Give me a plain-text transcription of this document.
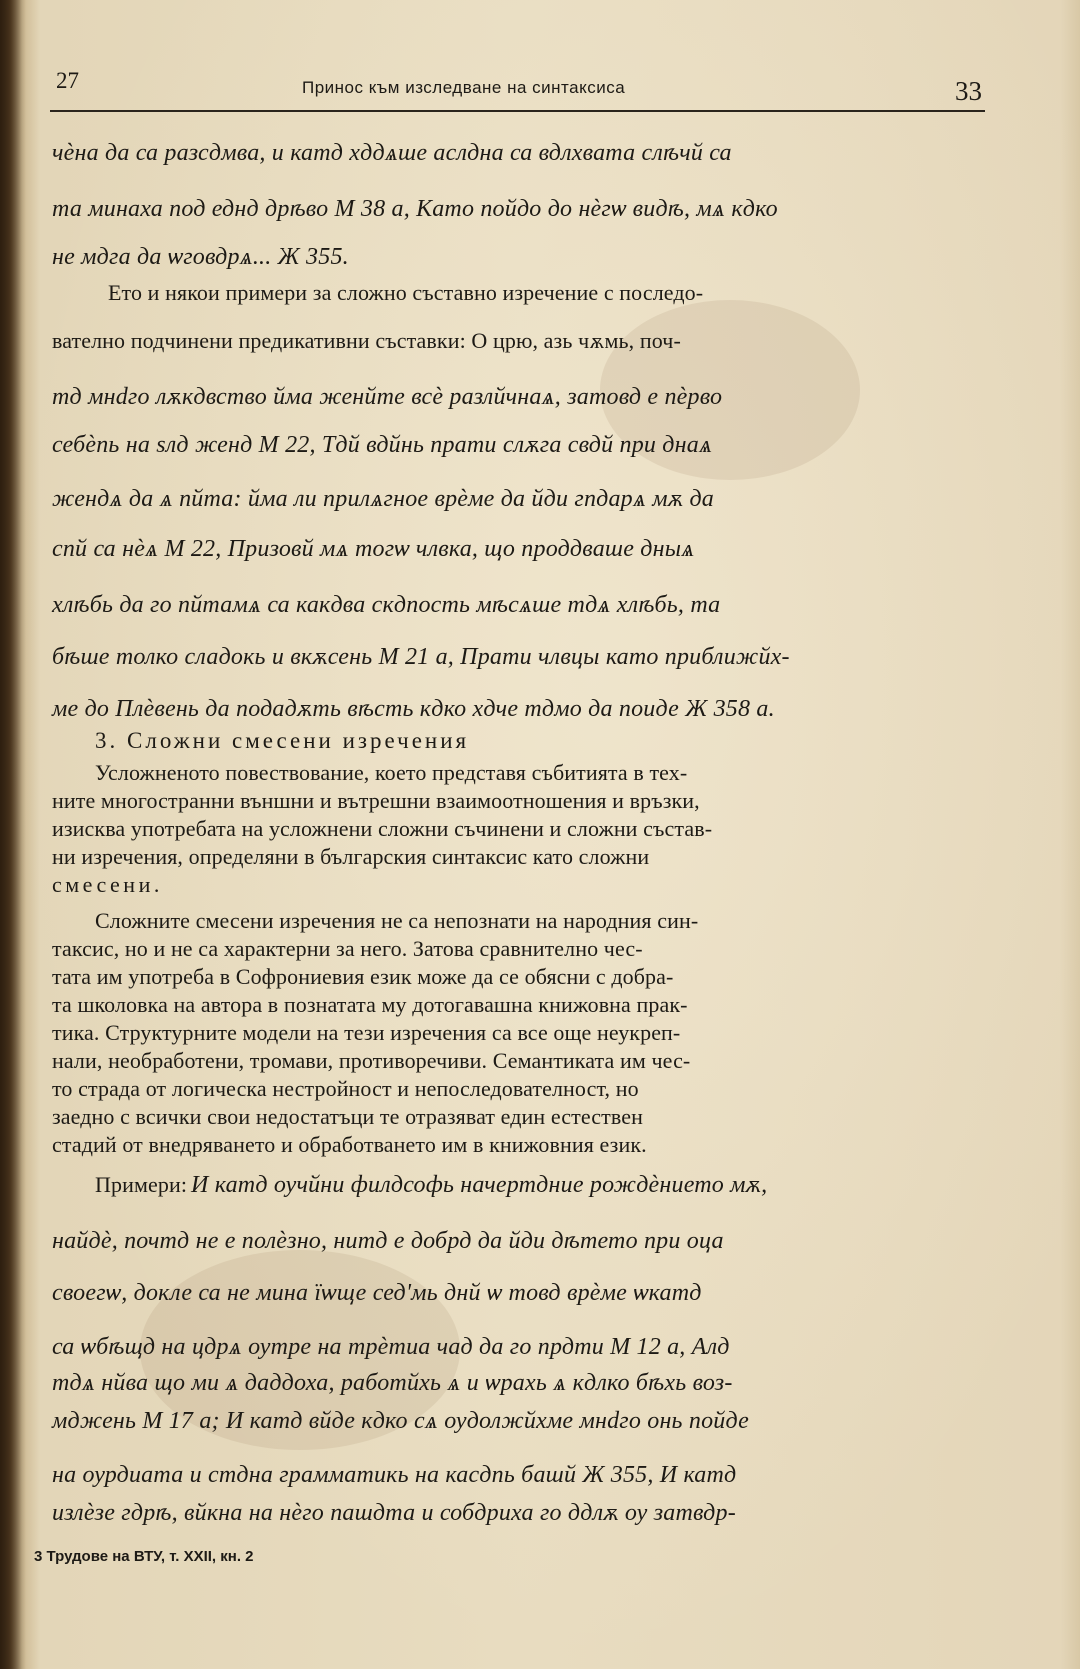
27	Принос към изследване на синтаксиса	33
чѐна да са разсдмва, и катд хддѧше аслдна са вдлхвата слѣчй са
та минаха под еднд дрѣво М 38 а, Като пойдо до нѐгѡ видѣ, мѧ кдко
не мдга да ѡговдрѧ... Ж 355.
Ето и някои примери за сложно съставно изречение с последо-
вателно подчинени предикативни съставки: О црю, азь чѫмь, поч-
тд мнdго лѫкдвство йма женйте всѐ разлйчнаѧ, затовд е пѐрво
себѐпь на ѕлд женд М 22, Тдй вдйнь прати слѫга свдй при днаѧ
жендѧ да ѧ пйта: йма ли прилѧгное врѐме да йди гпдарѧ мѫ да
спй са нѐѧ М 22, Призовй мѧ тогѡ члвка, що проддваше дныѧ
хлѣбь да го пйтамѧ са какдва скдпость мѣсѧше тдѧ хлѣбь, та
бѣше толко сладокь и вкѫсень М 21 а, Прати члвцы като приближйх-
ме до Плѐвень да подадѫть вѣсть кдко хдче тдмо да поиде Ж 358 а.
3. Сложни смесени изречения
Усложненото повествование, което представя събитията в тех-
ните многостранни външни и вътрешни взаимоотношения и връзки,
изисква употребата на усложнени сложни съчинени и сложни състав-
ни изречения, определяни в българския синтаксис като сложни
смесени.
Сложните смесени изречения не са непознати на народния син-
таксис, но и не са характерни за него. Затова сравнително чес-
тата им употреба в Софрониевия език може да се обясни с добра-
та школовка на автора в познатата му дотогавашна книжовна прак-
тика. Структурните модели на тези изречения са все още неукреп-
нали, необработени, тромави, противоречиви. Семантиката им чес-
то страда от логическа нестройност и непоследователност, но
заедно с всички свои недостатъци те отразяват един естествен
стадий от внедряването и обработването им в книжовния език.
Примери: И катд оучйни филдсофь начертдние рождѐнието мѫ,
найдѐ, почтд не е полѐзно, нитд е добрд да йди дѣтето при оца
своегѡ, докле са не мина їѡще сед'мь днй ѡ товд врѐме ѡкатд
са ѡбѣщд на цдрѧ оутре на трѐтиа чад да го прдти М 12 а, Алд
тдѧ нйва що ми ѧ даддоха, работйхь ѧ и ѡрахь ѧ кдлко бѣхь воз-
мджень М 17 а; И катд вйде кдко сѧ оудолжйхме мнdго онь пойде
на оурдиата и стдна грамматикь на касдпь башй Ж 355, И катд
излѐзе гдрѣ, вйкна на нѐго пашдта и собдриха го ддлѫ оу затвдр-
3 Трудове на ВТУ, т. XXII, кн. 2
